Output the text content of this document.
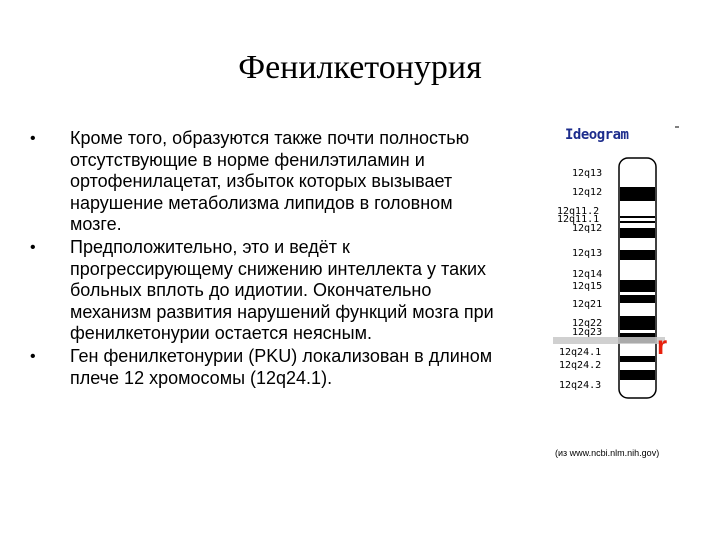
Фенилкетонурия
• Кроме того, образуются также почти полностью отсутствующие в норме фенилэтиламин и ортофенилацетат, избыток которых вызывает нарушение метаболизма липидов в головном мозге.
• Предположительно, это и ведёт к прогрессирующему снижению интеллекта у таких больных вплоть до идиотии. Окончательно механизм развития нарушений функций мозга при фенилкетонурии остается неясным.
• Ген фенилкетонурии (PKU) локализован в длином плече 12 хромосомы (12q24.1).

Ideogram

r
12q13
12q12
12q11.2
12q11.1
12q12
12q13
12q14
12q15
12q21
12q22
12q23
12q24.1
12q24.2
12q24.3

(из www.ncbi.nlm.nih.gov)
